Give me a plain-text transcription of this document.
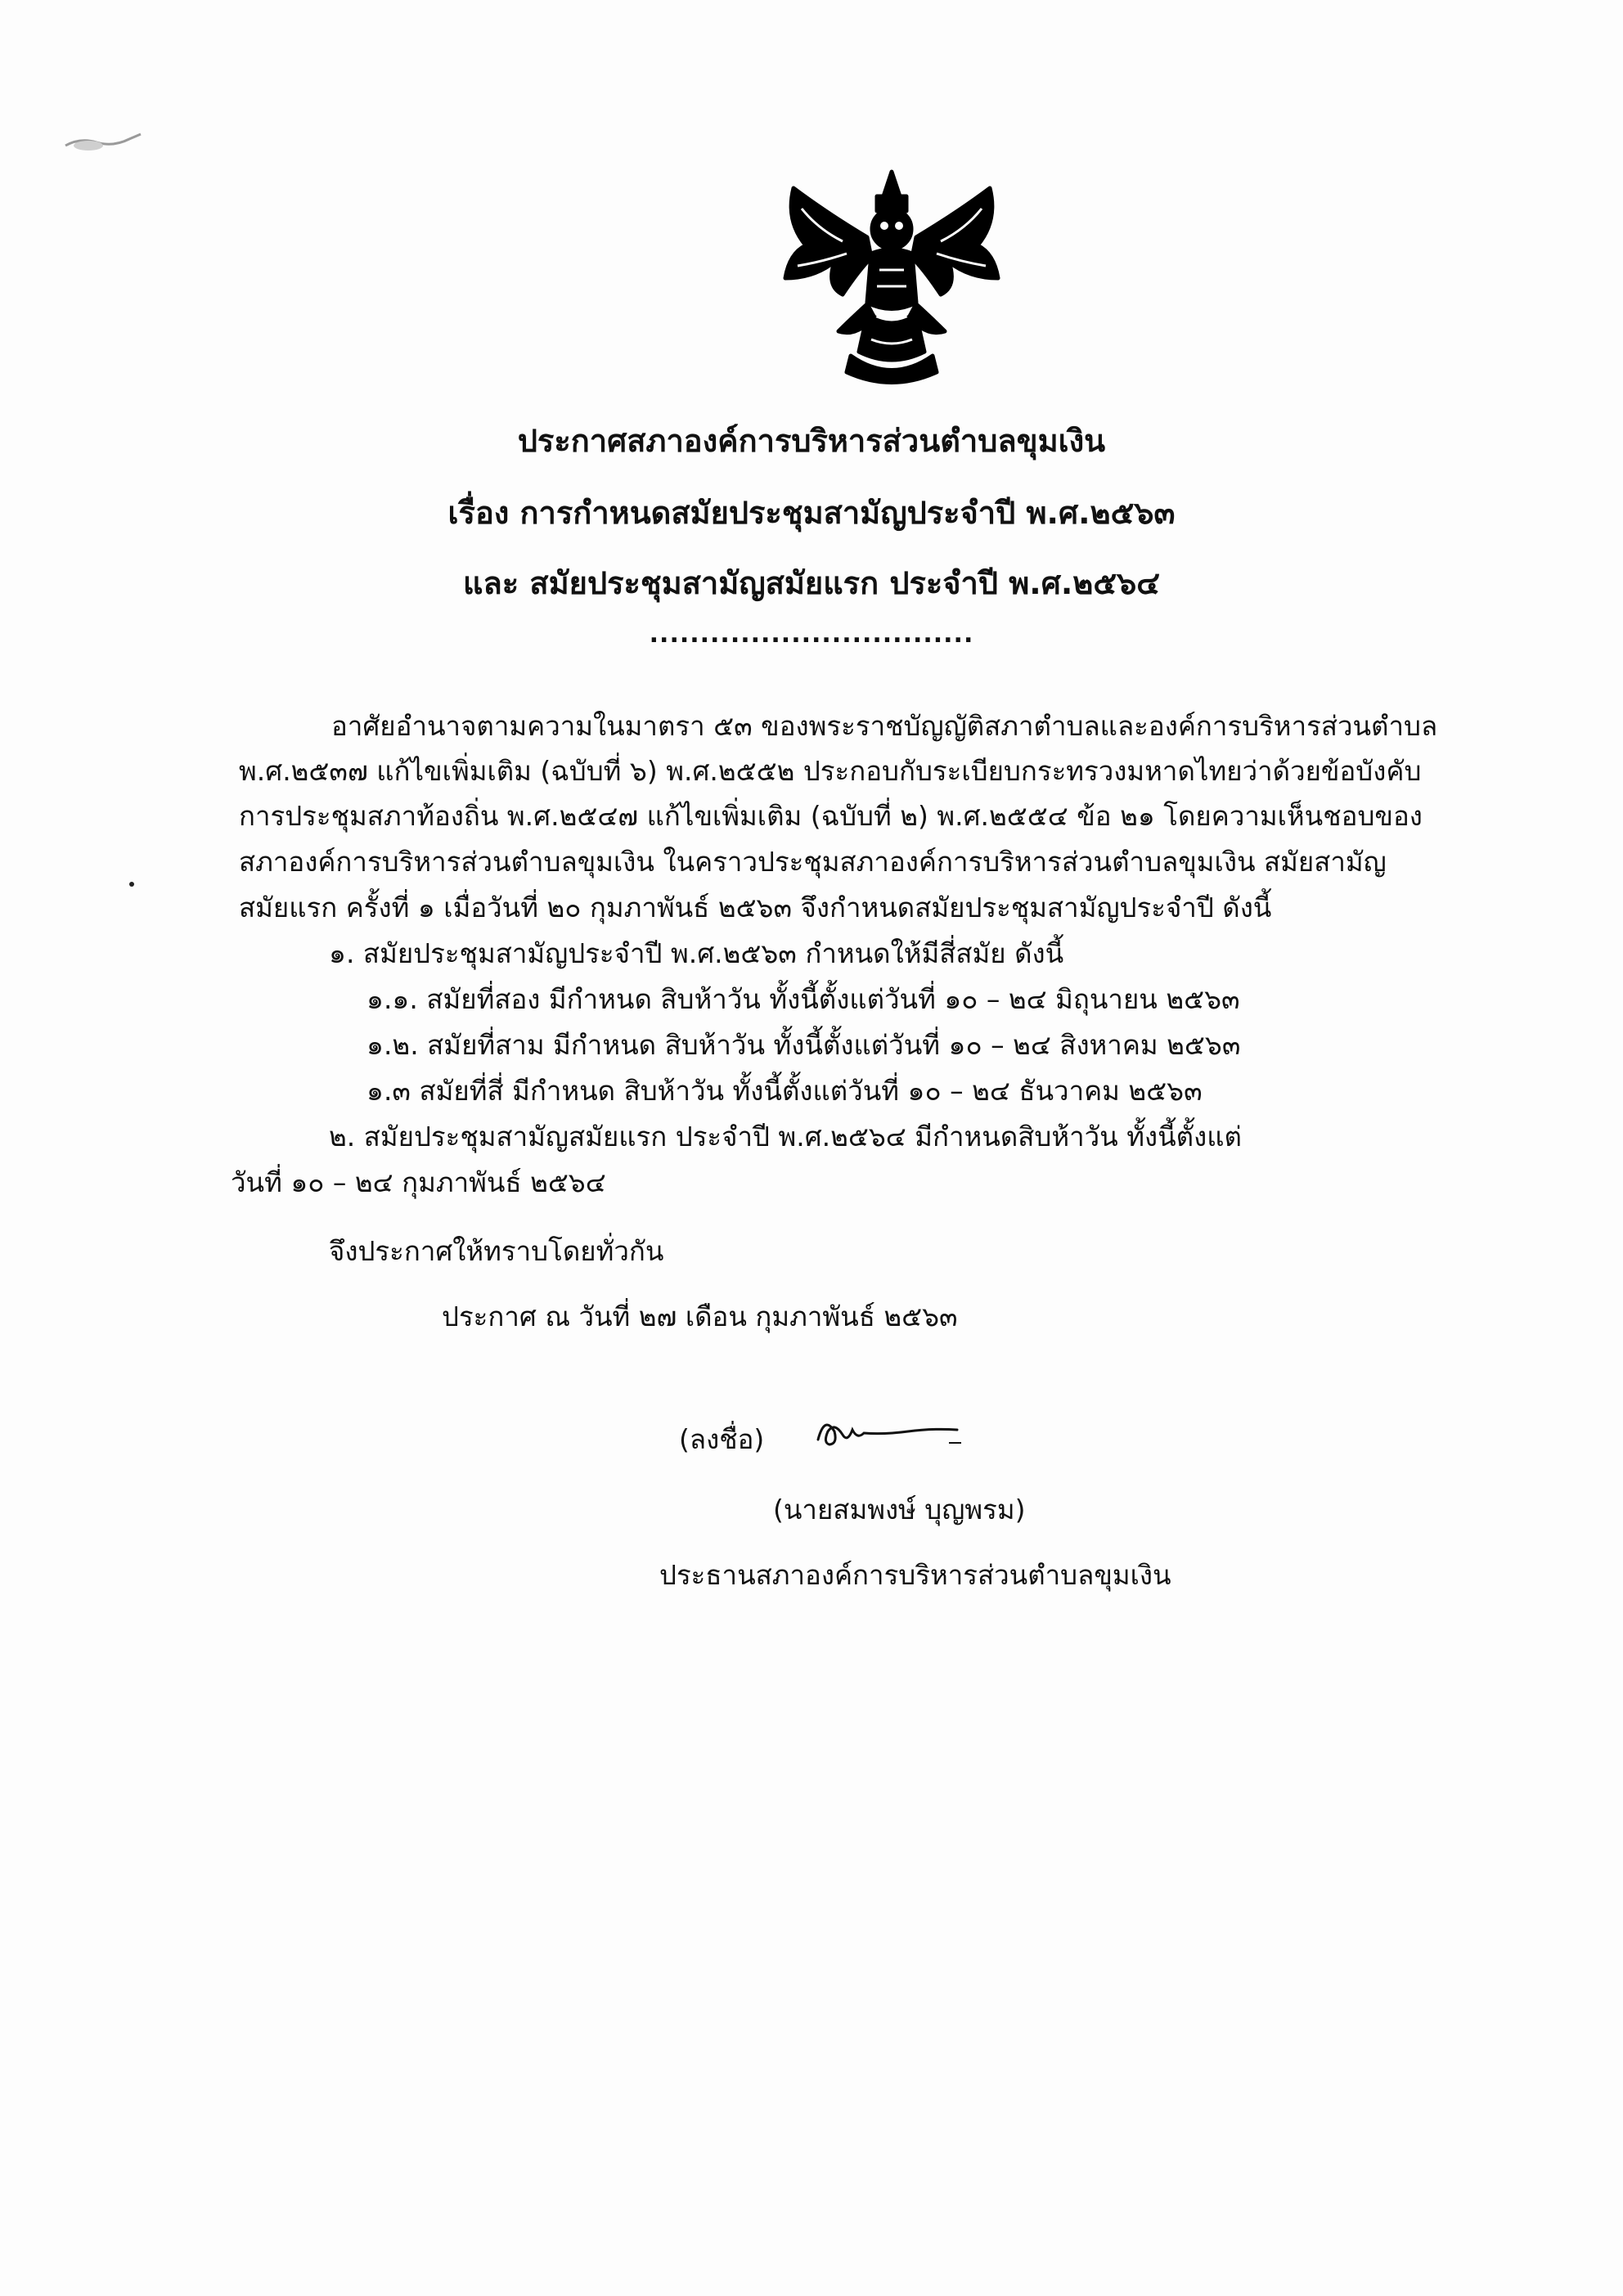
ประกาศสภาองค์การบริหารส่วนตำบลขุมเงิน
เรื่อง การกำหนดสมัยประชุมสามัญประจำปี พ.ศ.๒๕๖๓
และ สมัยประชุมสามัญสมัยแรก ประจำปี พ.ศ.๒๕๖๔
................................
อาศัยอำนาจตามความในมาตรา ๕๓ ของพระราชบัญญัติสภาตำบลและองค์การบริหารส่วนตำบล
พ.ศ.๒๕๓๗ แก้ไขเพิ่มเติม (ฉบับที่ ๖) พ.ศ.๒๕๕๒ ประกอบกับระเบียบกระทรวงมหาดไทยว่าด้วยข้อบังคับ
การประชุมสภาท้องถิ่น พ.ศ.๒๕๔๗ แก้ไขเพิ่มเติม (ฉบับที่ ๒) พ.ศ.๒๕๕๔ ข้อ ๒๑ โดยความเห็นชอบของ
สภาองค์การบริหารส่วนตำบลขุมเงิน ในคราวประชุมสภาองค์การบริหารส่วนตำบลขุมเงิน สมัยสามัญ
สมัยแรก ครั้งที่ ๑ เมื่อวันที่ ๒๐ กุมภาพันธ์ ๒๕๖๓ จึงกำหนดสมัยประชุมสามัญประจำปี ดังนี้
๑. สมัยประชุมสามัญประจำปี พ.ศ.๒๕๖๓ กำหนดให้มีสี่สมัย ดังนี้
๑.๑. สมัยที่สอง มีกำหนด สิบห้าวัน ทั้งนี้ตั้งแต่วันที่ ๑๐ – ๒๔ มิถุนายน ๒๕๖๓
๑.๒. สมัยที่สาม มีกำหนด สิบห้าวัน ทั้งนี้ตั้งแต่วันที่ ๑๐ – ๒๔ สิงหาคม ๒๕๖๓
๑.๓ สมัยที่สี่ มีกำหนด สิบห้าวัน ทั้งนี้ตั้งแต่วันที่ ๑๐ – ๒๔ ธันวาคม ๒๕๖๓
๒. สมัยประชุมสามัญสมัยแรก ประจำปี พ.ศ.๒๕๖๔ มีกำหนดสิบห้าวัน ทั้งนี้ตั้งแต่
วันที่ ๑๐ – ๒๔ กุมภาพันธ์ ๒๕๖๔
จึงประกาศให้ทราบโดยทั่วกัน
ประกาศ ณ วันที่ ๒๗ เดือน กุมภาพันธ์ ๒๕๖๓
(ลงชื่อ)
(นายสมพงษ์ บุญพรม)
ประธานสภาองค์การบริหารส่วนตำบลขุมเงิน
